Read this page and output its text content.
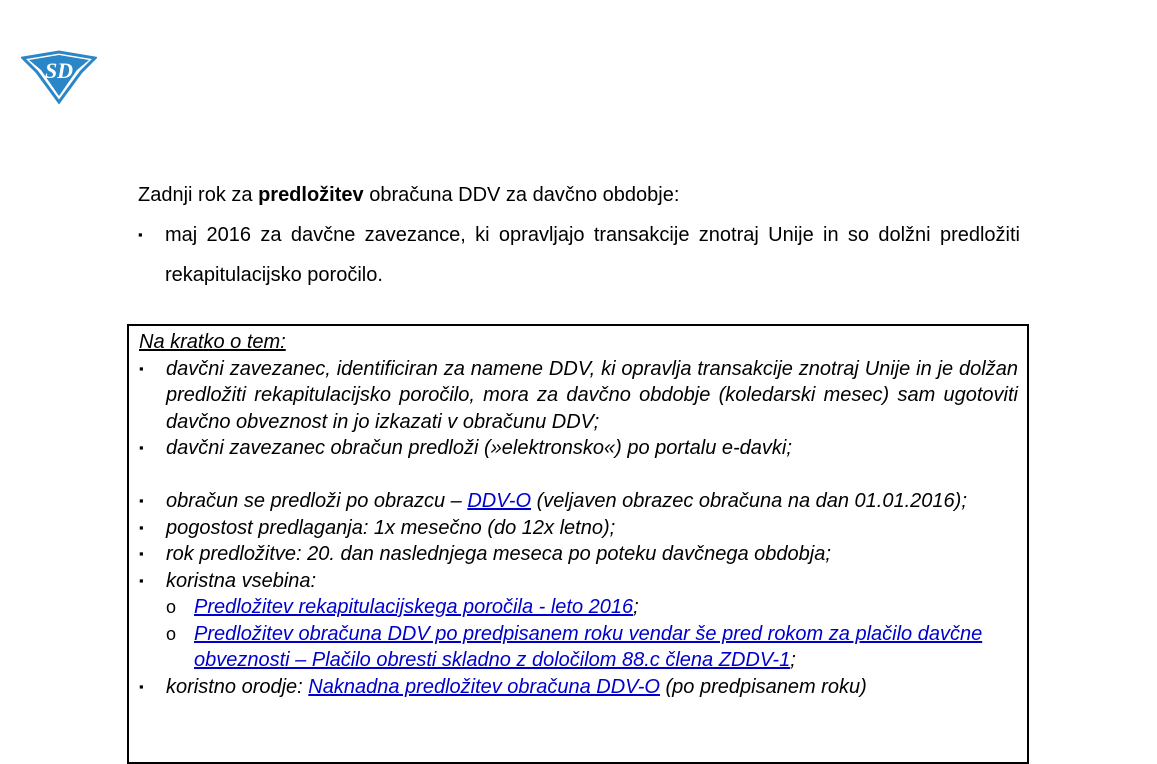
SD

Zadnji rok za predložitev obračuna DDV za davčno obdobje:

▪ maj 2016 za davčne zavezance, ki opravljajo transakcije znotraj Unije in so dolžni predložiti rekapitulacijsko poročilo.
Na kratko o tem:
▪ davčni zavezanec, identificiran za namene DDV, ki opravlja transakcije znotraj Unije in je dolžan predložiti rekapitulacijsko poročilo, mora za davčno obdobje (koledarski mesec) sam ugotoviti davčno obveznost in jo izkazati v obračunu DDV;
▪ davčni zavezanec obračun predloži (»elektronsko«) po portalu e-davki;
▪ obračun se predloži po obrazcu – DDV-O (veljaven obrazec obračuna na dan 01.01.2016);
▪ pogostost predlaganja: 1x mesečno (do 12x letno);
▪ rok predložitve: 20. dan naslednjega meseca po poteku davčnega obdobja;
▪ koristna vsebina:
o Predložitev rekapitulacijskega poročila - leto 2016;
o Predložitev obračuna DDV po predpisanem roku vendar še pred rokom za plačilo davčne obveznosti – Plačilo obresti skladno z določilom 88.c člena ZDDV-1;
▪ koristno orodje: Naknadna predložitev obračuna DDV-O (po predpisanem roku)
